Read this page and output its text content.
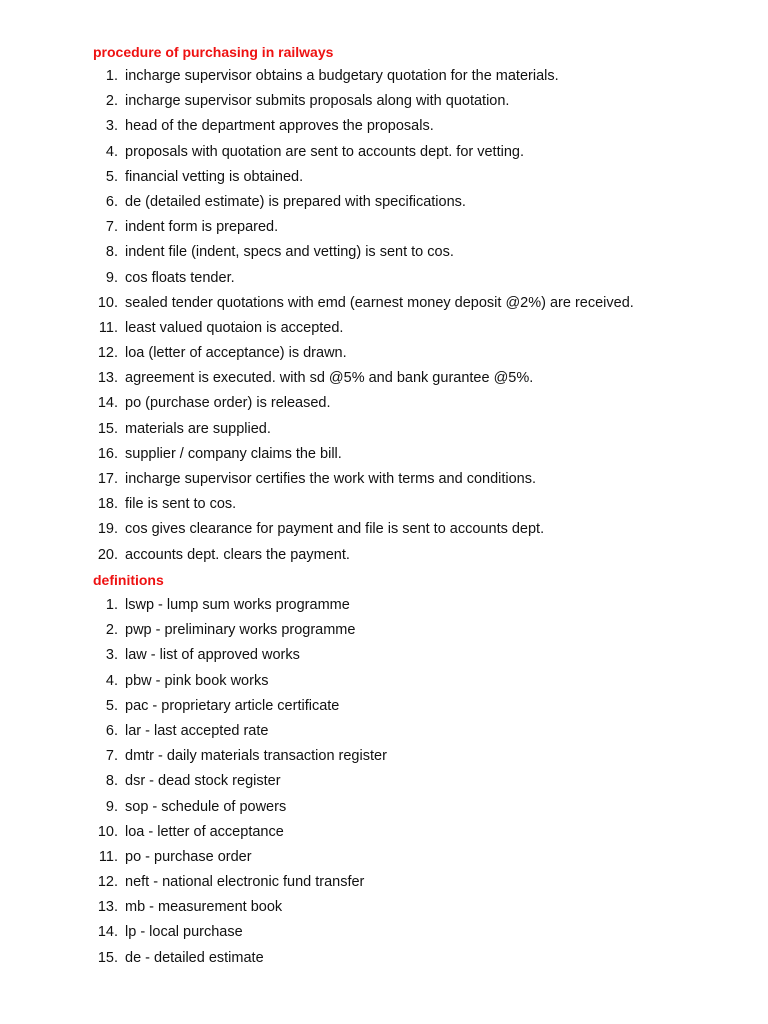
procedure of purchasing in railways
1. incharge supervisor obtains a budgetary quotation for the materials.
2. incharge supervisor submits proposals along with quotation.
3. head of the department approves the proposals.
4. proposals with quotation are sent to accounts dept. for vetting.
5. financial vetting is obtained.
6. de (detailed estimate) is prepared with specifications.
7. indent form is prepared.
8. indent file (indent, specs and vetting) is sent to cos.
9. cos floats tender.
10. sealed tender quotations with emd (earnest money deposit @2%) are received.
11. least valued quotaion is accepted.
12. loa (letter of acceptance) is drawn.
13. agreement is executed. with sd @5% and bank gurantee @5%.
14. po (purchase order) is released.
15. materials are supplied.
16. supplier / company claims the bill.
17. incharge supervisor certifies the work with terms and conditions.
18. file is sent to cos.
19. cos gives clearance for payment and file is sent to accounts dept.
20. accounts dept. clears the payment.
definitions
1. lswp - lump sum works programme
2. pwp - preliminary works programme
3. law - list of approved works
4. pbw - pink book works
5. pac - proprietary article certificate
6. lar - last accepted rate
7. dmtr - daily materials transaction register
8. dsr - dead stock register
9. sop - schedule of powers
10. loa - letter of acceptance
11. po - purchase order
12. neft - national electronic fund transfer
13. mb - measurement book
14. lp - local purchase
15. de - detailed estimate
